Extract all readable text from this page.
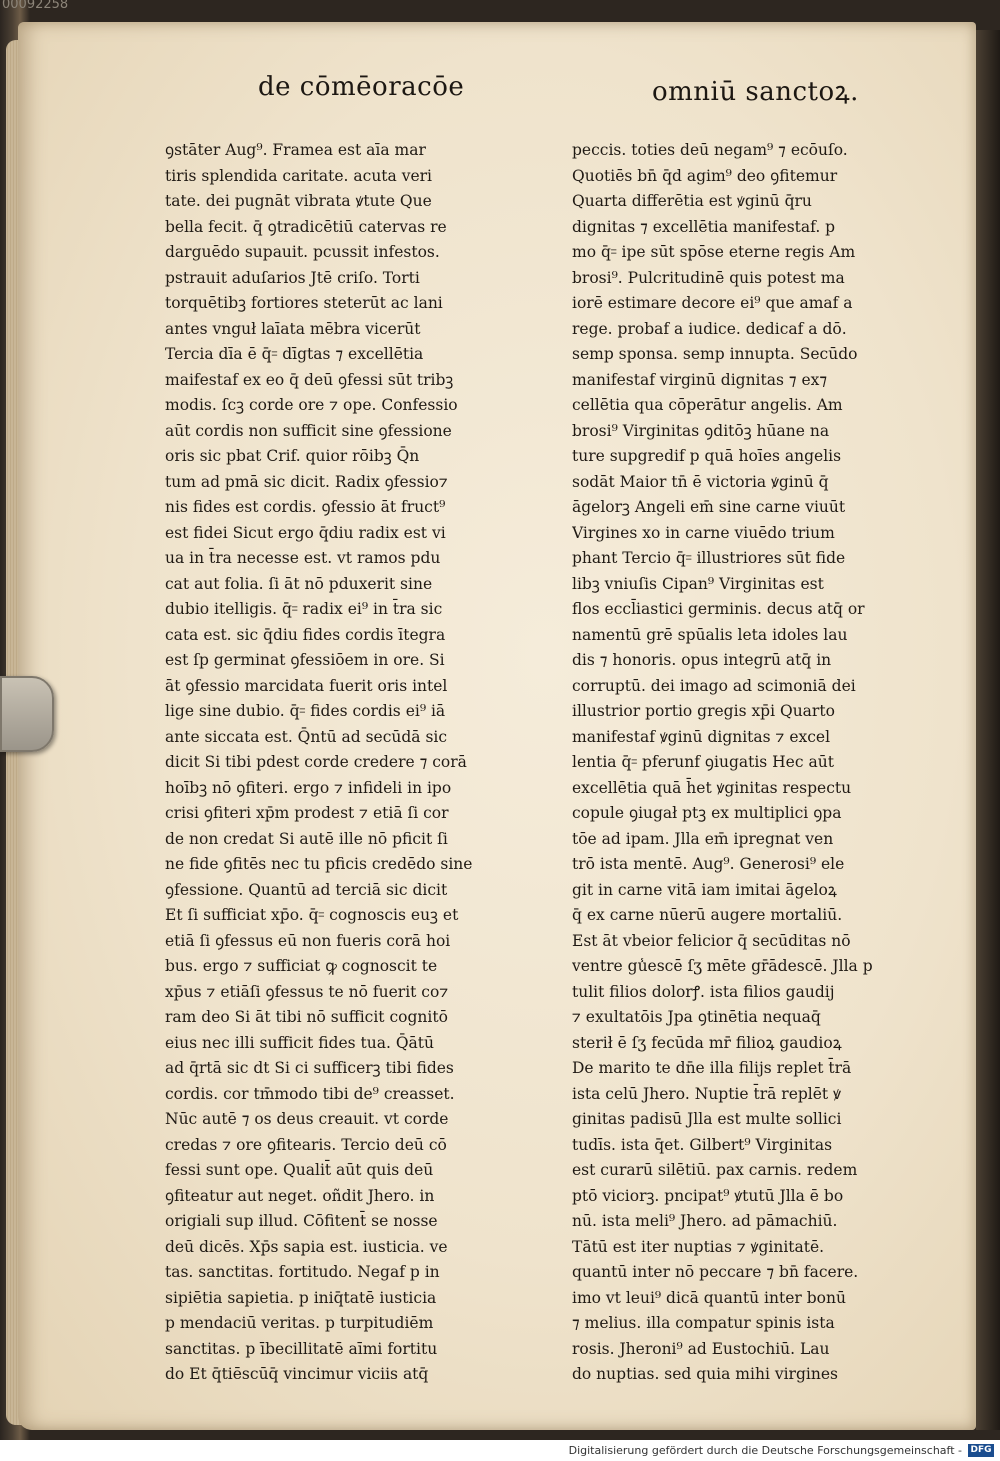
00092258
de cōmēoracōe	omniū sanctoꝝ.
ꝯstāter Aug⁹. Framea est aīa mar
tiris splendida caritate. acuta veri
tate. dei pugnāt vibrata ꝟtute Que
bella fecit. q̄ ꝯtradicētiū catervas re
darguēdo supauit. pcussit infestos.
pstrauit aduſarios Jtē criſo. Torti
torquētibꝫ fortiores steterūt ac lani
antes vnguł laīata mēbra vicerūt
Tercia dīa ē q̄꞊ dīgtas ⁊ excellētia
maifestaf ex eo q̄ deū ꝯfessi sūt tribꝫ
modis. ſcꝫ corde ore ⁊ ope. Confessio
aūt cordis non sufficit sine ꝯfessione
oris sic pbat Crif. quior rōibꝫ Q̄n
tum ad pmā sic dicit. Radix ꝯfessio⁊
nis fides est cordis. ꝯfessio āt fruct⁹
est fidei Sicut ergo q̄diu radix est vi
ua in t̄ra necesse est. vt ramos pdu
cat aut folia. ſi āt nō pduxerit sine
dubio itelligis. q̄꞊ radix ei⁹ in t̄ra sic
cata est. sic q̄diu fides cordis ītegra
est ſp germinat ꝯfessiōem in ore. Si
āt ꝯfessio marcidata fuerit oris intel
lige sine dubio. q̄꞊ fides cordis ei⁹ iā
ante siccata est. Q̄ntū ad secūdā sic
dicit Si tibi pdest corde credere ⁊ corā
hoībꝫ nō ꝯfiteri. ergo ⁊ infideli in ipo
crisi ꝯfiteri xp̄m prodest ⁊ etiā ſi cor
de non credat Si autē ille nō pficit ſi
ne fide ꝯfitēs nec tu pficis credēdo sine
ꝯfessione. Quantū ad terciā sic dicit
Et ſi sufficiat xp̄o. q̄꞊ cognoscis euꝫ et
etiā ſi ꝯfessus eū non fueris corā hoi
bus. ergo ⁊ sufficiat ꝙ cognoscit te
xp̄us ⁊ etiāſi ꝯfessus te nō fuerit co⁊
ram deo Si āt tibi nō sufficit cognitō
eius nec illi sufficit fides tua. Q̄ātū
ad q̄rtā sic dt Si ci sufficerꝫ tibi fides
cordis. cor tm̄modo tibi de⁹ creasset.
Nūc autē ⁊ os deus creauit. vt corde
credas ⁊ ore ꝯfitearis. Tercio deū cō
fessi sunt ope. Qualit̄ aūt quis deū
ꝯfiteatur aut neget. oñdit Jhero. in
origiali sup illud. Cōfitent̄ se nosse
deū dicēs. Xp̄s sapia est. iusticia. ve
tas. sanctitas. fortitudo. Negaf p in
sipiētia sapietia. p iniq̄tatē iusticia
p mendaciū veritas. p turpitudiēm
sanctitas. p ībecillitatē aīmi fortitu
do Et q̄tiēscūq̄ vincimur viciis atq̄
peccis. toties deū negam⁹ ⁊ ecōuſo.
Quotiēs bn̄ q̄d agim⁹ deo ꝯfitemur
Quarta differētia est ꝟginū q̄ru
dignitas ⁊ excellētia manifestaf. p
mo q̄꞊ ipe sūt spōse eterne regis Am
brosi⁹. Pulcritudinē quis potest ma
iorē estimare decore ei⁹ que amaf a
rege. probaf a iudice. dedicaf a dō.
semp sponsa. semp innupta. Secūdo
manifestaf virginū dignitas ⁊ ex⁊
cellētia qua cōperātur angelis. Am
brosi⁹ Virginitas ꝯditōꝫ hūane na
ture supgredif p quā hoīes angelis
sodāt Maior tn̄ ē victoria ꝟginū q̄
āgelorꝫ Angeli em̄ sine carne viuūt
Virgines xo in carne viuēdo trium
phant Tercio q̄꞊ illustriores sūt fide
libꝫ vniuſis Cipan⁹ Virginitas est
flos eccl̄iastici germinis. decus atq̄ or
namentū grē spūalis leta idoles lau
dis ⁊ honoris. opus integrū atq̄ in
corruptū. dei imago ad scimoniā dei
illustrior portio gregis xp̄i Quarto
manifestaf ꝟginū dignitas ⁊ excel
lentia q̄꞊ pferunf ꝯiugatis Hec aūt
excellētia quā h̄et ꝟginitas respectu
copule ꝯiugał ptꝫ ex multiplici ꝯpa
tōe ad ipam. Jlla em̄ ipregnat ven
trō ista mentē. Aug⁹. Generosi⁹ ele
git in carne vitā iam imitai āgeloꝝ
q̄ ex carne nūerū augere mortaliū.
Est āt vbeior felicior q̄ secūditas nō
ventre gu̾escē ſʒ mēte gr̄ādescē. Jlla p
tulit filios dolorꝭ. ista filios gaudij
⁊ exultatōis Jpa ꝯtinētia nequaq̄
sterił ē ſʒ fecūda mr̄ filioꝝ gaudioꝝ
De marito te dn̄e illa filijs replet t̄rā
ista celū Jhero. Nuptie t̄rā replēt ꝟ
ginitas padisū Jlla est multe sollici
tudīs. ista q̄et. Gilbert⁹ Virginitas
est curarū silētiū. pax carnis. redem
ptō viciorꝫ. pncipat⁹ ꝟtutū Jlla ē bo
nū. ista meli⁹ Jhero. ad pāmachiū.
Tātū est iter nuptias ⁊ ꝟginitatē.
quantū inter nō peccare ⁊ bn̄ facere.
imo vt leui⁹ dicā quantū inter bonū
⁊ melius. illa compatur spinis ista
rosis. Jheroni⁹ ad Eustochiū. Lau
do nuptias. sed quia mihi virgines
Digitalisierung gefördert durch die Deutsche Forschungsgemeinschaft - DFG
